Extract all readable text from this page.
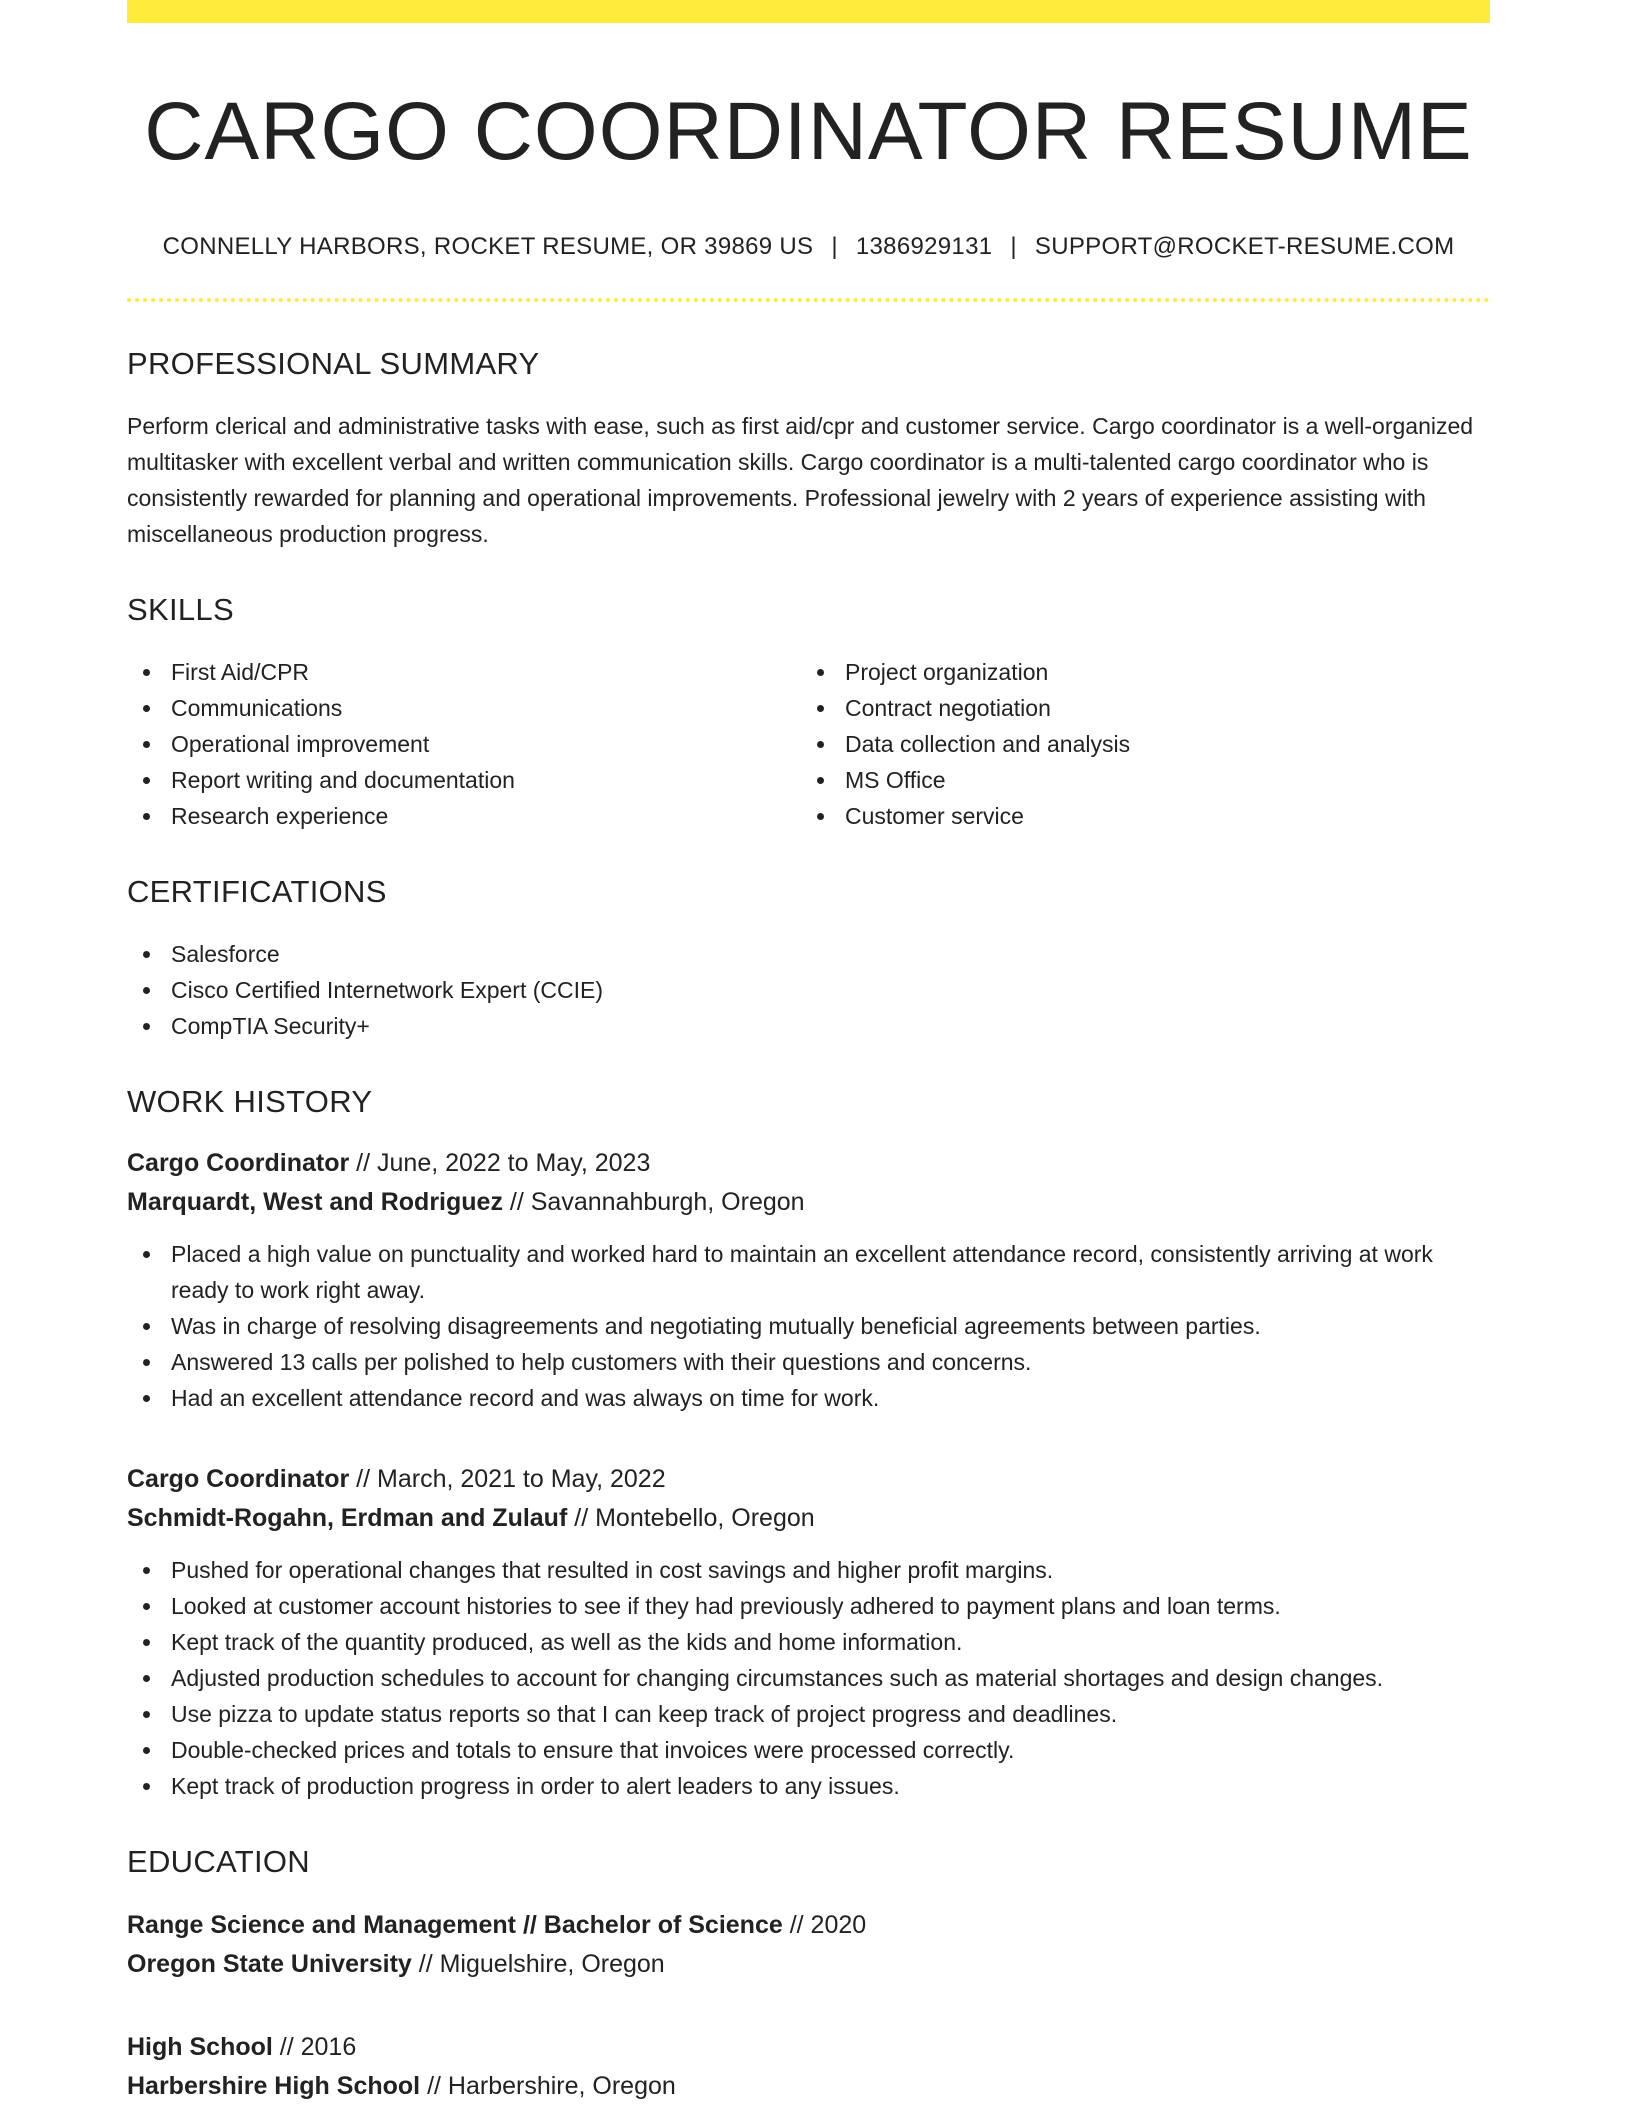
CARGO COORDINATOR RESUME
CONNELLY HARBORS, ROCKET RESUME, OR 39869 US | 1386929131 | SUPPORT@ROCKET-RESUME.COM
PROFESSIONAL SUMMARY

Perform clerical and administrative tasks with ease, such as first aid/cpr and customer service. Cargo coordinator is a well-organized multitasker with excellent verbal and written communication skills. Cargo coordinator is a multi-talented cargo coordinator who is consistently rewarded for planning and operational improvements. Professional jewelry with 2 years of experience assisting with miscellaneous production progress.

SKILLS
First Aid/CPR
Communications
Operational improvement
Report writing and documentation
Research experience
Project organization
Contract negotiation
Data collection and analysis
MS Office
Customer service
CERTIFICATIONS
Salesforce
Cisco Certified Internetwork Expert (CCIE)
CompTIA Security+
WORK HISTORY
Cargo Coordinator // June, 2022 to May, 2023
Marquardt, West and Rodriguez // Savannahburgh, Oregon
Placed a high value on punctuality and worked hard to maintain an excellent attendance record, consistently arriving at work ready to work right away.
Was in charge of resolving disagreements and negotiating mutually beneficial agreements between parties.
Answered 13 calls per polished to help customers with their questions and concerns.
Had an excellent attendance record and was always on time for work.
Cargo Coordinator // March, 2021 to May, 2022
Schmidt-Rogahn, Erdman and Zulauf // Montebello, Oregon
Pushed for operational changes that resulted in cost savings and higher profit margins.
Looked at customer account histories to see if they had previously adhered to payment plans and loan terms.
Kept track of the quantity produced, as well as the kids and home information.
Adjusted production schedules to account for changing circumstances such as material shortages and design changes.
Use pizza to update status reports so that I can keep track of project progress and deadlines.
Double-checked prices and totals to ensure that invoices were processed correctly.
Kept track of production progress in order to alert leaders to any issues.
EDUCATION
Range Science and Management // Bachelor of Science // 2020
Oregon State University // Miguelshire, Oregon
High School // 2016
Harbershire High School // Harbershire, Oregon
